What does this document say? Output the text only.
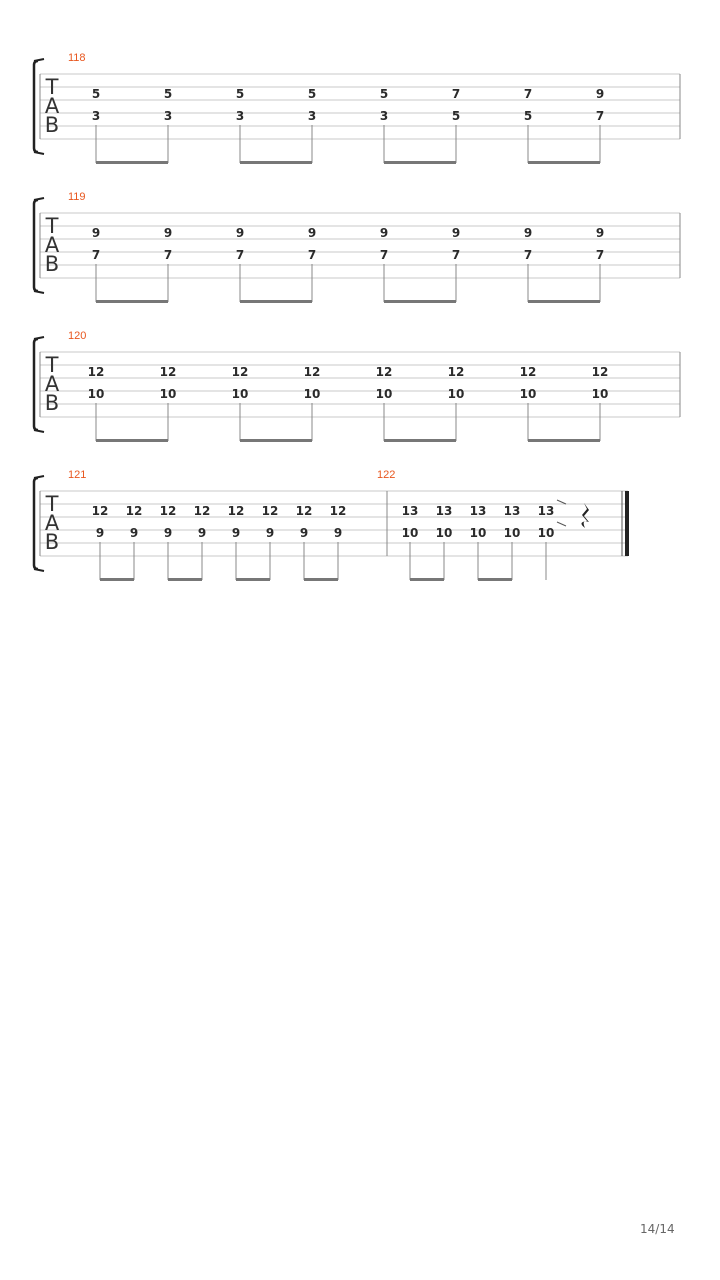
T
A
B
118
5
3
5
3
5
3
5
3
5
3
7
5
7
5
9
7
T
A
B
119
9
7
9
7
9
7
9
7
9
7
9
7
9
7
9
7
T
A
B
120
12
10
12
10
12
10
12
10
12
10
12
10
12
10
12
10
T
A
B
121
12
9
12
9
12
9
12
9
12
9
12
9
12
9
12
9
122
13
10
13
10
13
10
13
10
13
10
14/14
